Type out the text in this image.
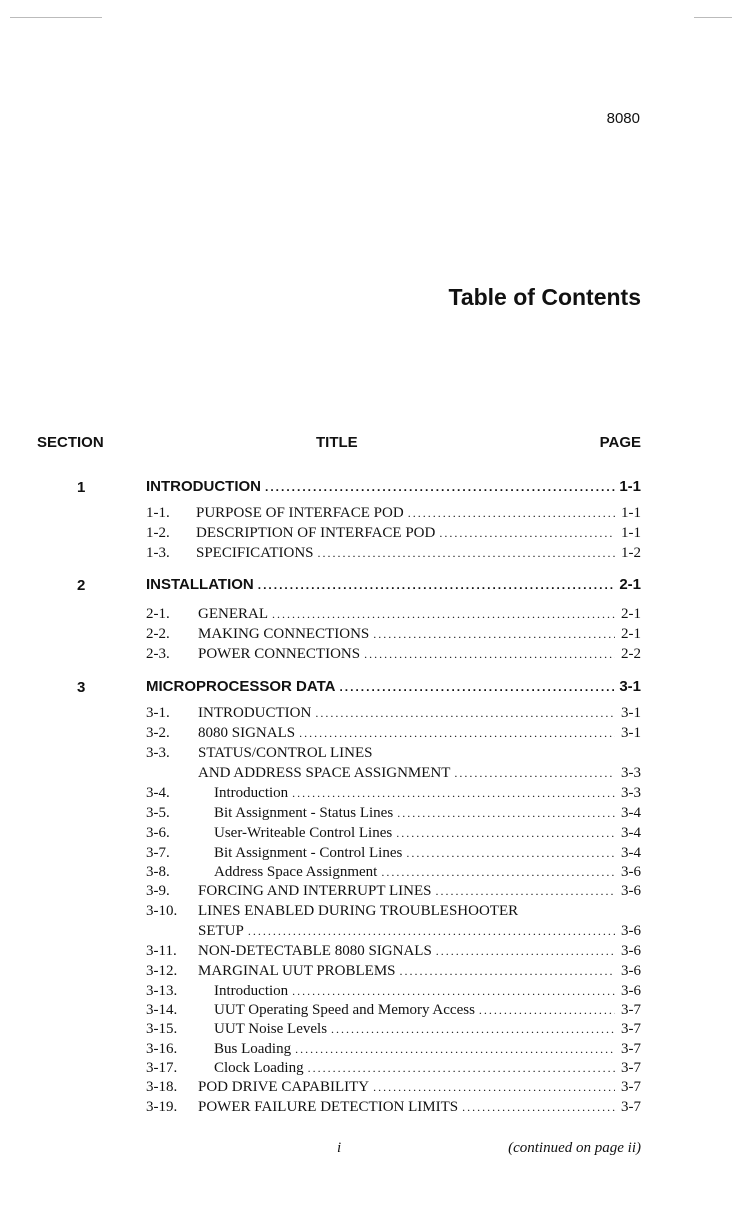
8080
Table of Contents
SECTION	TITLE	PAGE
1	INTRODUCTION .....	1-1
1-1.	PURPOSE OF INTERFACE POD .....	1-1
1-2.	DESCRIPTION OF INTERFACE POD .....	1-1
1-3.	SPECIFICATIONS .....	1-2
2	INSTALLATION .....	2-1
2-1.	GENERAL .....	2-1
2-2.	MAKING CONNECTIONS .....	2-1
2-3.	POWER CONNECTIONS .....	2-2
3	MICROPROCESSOR DATA .....	3-1
3-1.	INTRODUCTION .....	3-1
3-2.	8080 SIGNALS .....	3-1
3-3.	STATUS/CONTROL LINES
AND ADDRESS SPACE ASSIGNMENT .....	3-3
3-4.	Introduction .....	3-3
3-5.	Bit Assignment - Status Lines .....	3-4
3-6.	User-Writeable Control Lines .....	3-4
3-7.	Bit Assignment - Control Lines .....	3-4
3-8.	Address Space Assignment .....	3-6
3-9.	FORCING AND INTERRUPT LINES .....	3-6
3-10.	LINES ENABLED DURING TROUBLESHOOTER
SETUP .....	3-6
3-11.	NON-DETECTABLE 8080 SIGNALS .....	3-6
3-12.	MARGINAL UUT PROBLEMS .....	3-6
3-13.	Introduction .....	3-6
3-14.	UUT Operating Speed and Memory Access .....	3-7
3-15.	UUT Noise Levels .....	3-7
3-16.	Bus Loading .....	3-7
3-17.	Clock Loading .....	3-7
3-18.	POD DRIVE CAPABILITY .....	3-7
3-19.	POWER FAILURE DETECTION LIMITS .....	3-7
i	(continued on page ii)
